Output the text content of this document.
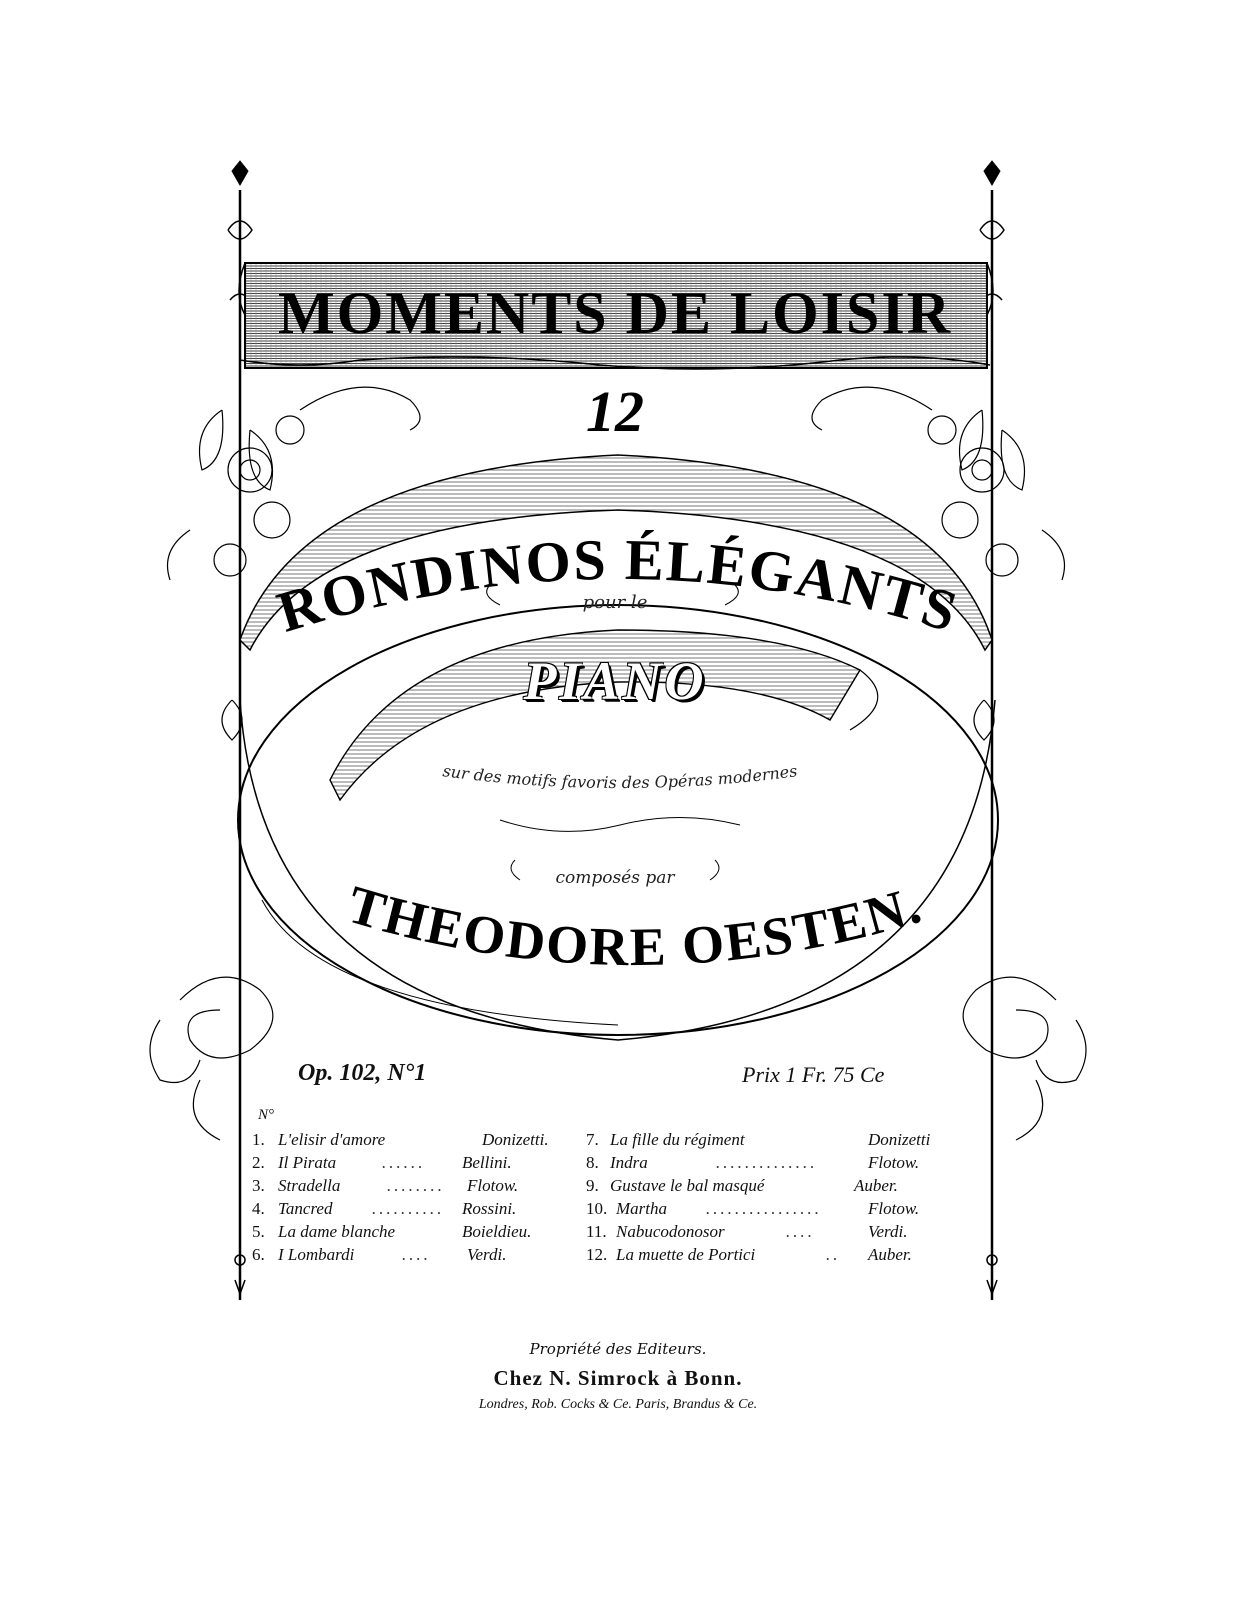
MOMENTS DE LOISIR
12
RONDINOS ÉLÉGANTS
pour le
PIANO
sur des motifs favoris des Opéras modernes
composés par
THEODORE OESTEN.
Op. 102, N°1	Prix 1 Fr. 75 Ce
N°
1. L'elisir d'amore	Donizetti.
2. Il Pirata	...... Bellini.
3. Stradella	........ Flotow.
4. Tancred .......... Rossini.
5. La dame blanche	Boieldieu.
6. I Lombardi	.... Verdi.
7. La fille du régiment	Donizetti
8. Indra	..............	Flotow.
9. Gustave le bal masqué	Auber.
10. Martha ................	Flotow.
11. Nabucodonosor	....	Verdi.
12. La muette de Portici	.. Auber.
Propriété des Editeurs.
Chez N. Simrock à Bonn.
Londres, Rob. Cocks & Ce. Paris, Brandus & Ce.
